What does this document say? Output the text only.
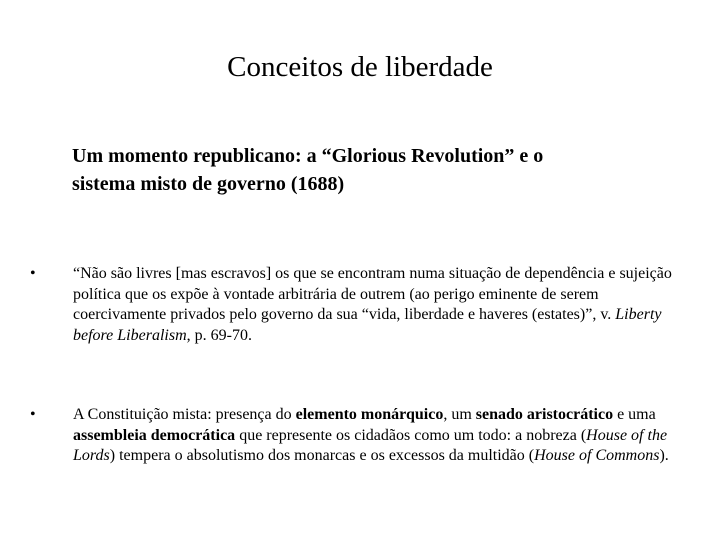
Conceitos de liberdade
Um momento republicano: a “Glorious Revolution” e o
sistema misto de governo (1688)
•	“Não são livres [mas escravos] os que se encontram numa situação de dependência e sujeição política que os expõe à vontade arbitrária de outrem (ao perigo eminente de serem coercivamente privados pelo governo da sua “vida, liberdade e haveres (estates)”, v. Liberty before Liberalism, p. 69-70.
•	A Constituição mista: presença do elemento monárquico, um senado aristocrático e uma assembleia democrática que represente os cidadãos como um todo: a nobreza (House of the Lords) tempera o absolutismo dos monarcas e os excessos da multidão (House of Commons).
